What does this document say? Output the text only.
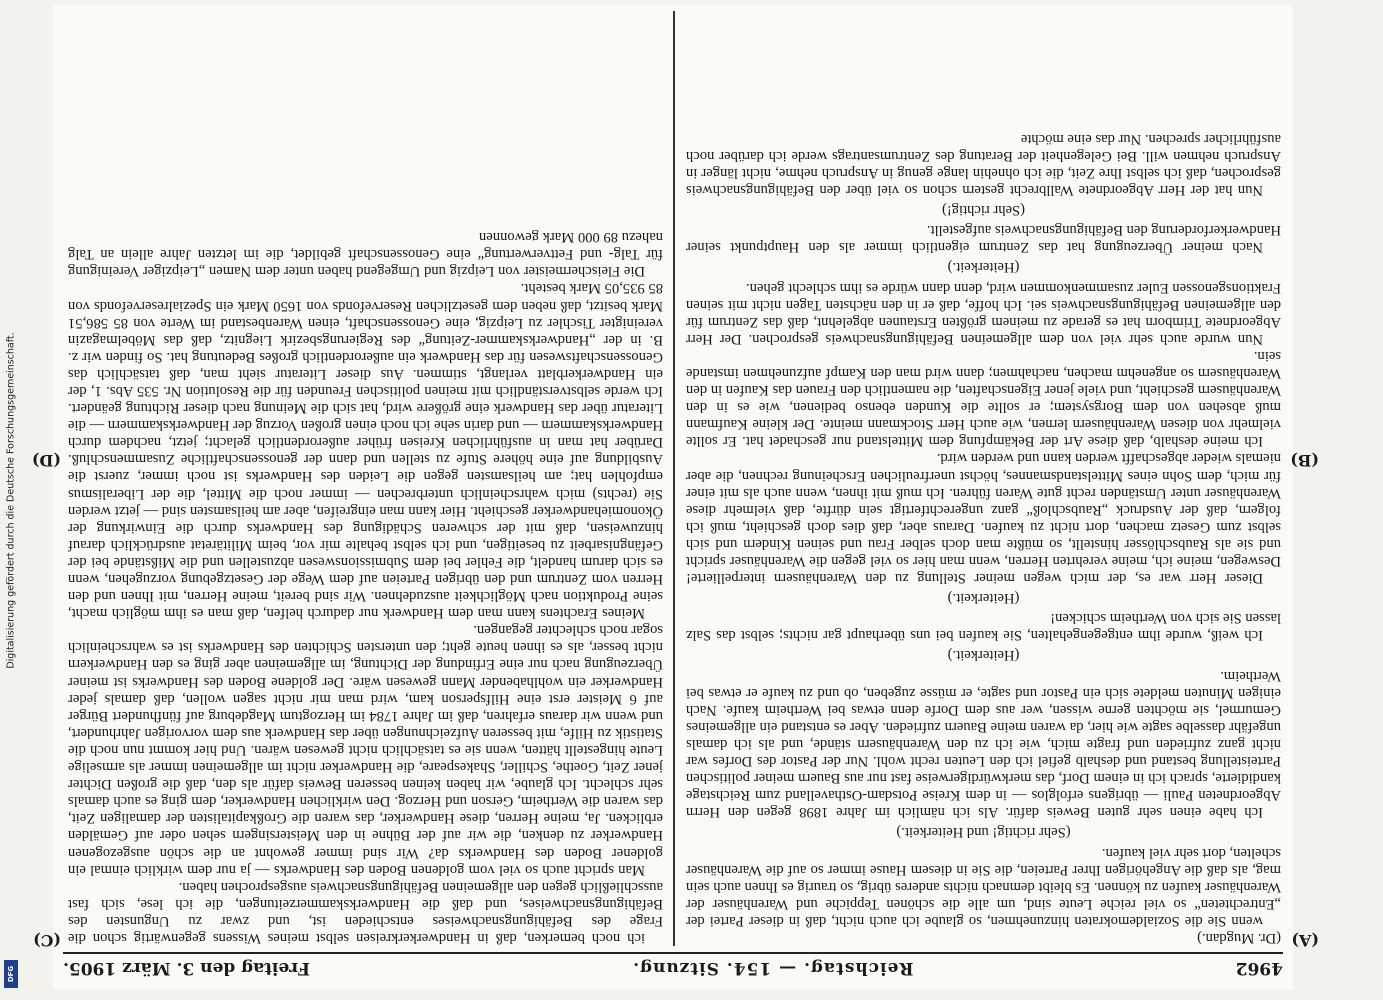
4962
Reichstag. — 154. Sitzung.
Freitag den 3. März 1905.
(A)
(B)
(C)
(D)

(Dr. Mugdan.)

wenn Sie die Sozialdemokraten hinzunehmen, so glaube ich auch nicht, daß in dieser Partei der „Entrechteten“ so viel reiche Leute sind, um alle die schönen Teppiche und Warenhäuser der Warenhäuser kaufen zu können. Es bleibt demnach nichts anderes übrig, so traurig es Ihnen auch sein mag, als daß die Angehörigen Ihrer Parteien, die Sie in diesem Hause immer so auf die Warenhäuser schelten, dort sehr viel kaufen.

(Sehr richtig! und Heiterkeit.)

Ich habe einen sehr guten Beweis dafür. Als ich nämlich im Jahre 1898 gegen den Herrn Abgeordneten Pauli — übrigens erfolglos — in dem Kreise Potsdam-Osthavelland zum Reichstage kandidierte, sprach ich in einem Dorf, das merkwürdigerweise fast nur aus Bauern meiner politischen Parteistellung bestand und deshalb gefiel ich den Leuten recht wohl. Nur der Pastor des Dorfes war nicht ganz zufrieden und fragte mich, wie ich zu den Warenhäusern stände, und als ich damals ungefähr dasselbe sagte wie hier, da waren meine Bauern zufrieden. Aber es entstand ein allgemeines Gemurmel, sie möchten gerne wissen, wer aus dem Dorfe denn etwas bei Wertheim kaufe. Nach einigen Minuten meldete sich ein Pastor und sagte, er müsse zugeben, ob und zu kaufe er etwas bei Wertheim.

(Heiterkeit.)

Ich weiß, wurde ihm entgegengehalten, Sie kaufen bei uns überhaupt gar nichts; selbst das Salz lassen Sie sich von Wertheim schicken!

(Heiterkeit.)

Dieser Herr war es, der mich wegen meiner Stellung zu den Warenhäusern interpellierte! Deswegen, meine ich, meine verehrten Herren, wenn man hier so viel gegen die Warenhäuser spricht und sie als Raubschlösser hinstellt, so müßte man doch selber Frau und seinen Kindern und sich selbst zum Gesetz machen, dort nicht zu kaufen. Daraus aber, daß dies doch geschieht, muß ich folgern, daß der Ausdruck „Raubschloß“ ganz ungerechtfertigt sein dürfte, daß vielmehr diese Warenhäuser unter Umständen recht gute Waren führen. Ich muß mit ihnen, wenn auch als mit einer für mich, dem Sohn eines Mittelstandsmannes, höchst unerfreulichen Erscheinung rechnen, die aber niemals wieder abgeschafft werden kann und werden wird.

Ich meine deshalb, daß diese Art der Bekämpfung dem Mittelstand nur geschadet hat. Er sollte vielmehr von diesen Warenhäusern lernen, wie auch Herr Stockmann meinte. Der kleine Kaufmann muß absehen von dem Borgsystem; er sollte die Kunden ebenso bedienen, wie es in den Warenhäusern geschieht, und viele jener Eigenschaften, die namentlich den Frauen das Kaufen in den Warenhäusern so angenehm machen, nachahmen; dann wird man den Kampf aufzunehmen imstande sein.

Nun wurde auch sehr viel von dem allgemeinen Befähigungsnachweis gesprochen. Der Herr Abgeordnete Trimborn hat es gerade zu meinem größten Erstaunen abgelehnt, daß das Zentrum für den allgemeinen Befähigungsnachweis sei. Ich hoffe, daß er in den nächsten Tagen nicht mit seinen Fraktionsgenossen Euler zusammenkommen wird, denn dann würde es ihm schlecht gehen.

(Heiterkeit.)

Nach meiner Überzeugung hat das Zentrum eigentlich immer als den Hauptpunkt seiner Handwerkerforderung den Befähigungsnachweis aufgestellt.

(Sehr richtig!)

Nun hat der Herr Abgeordnete Wallbrecht gestern schon so viel über den Befähigungsnachweis gesprochen, daß ich selbst Ihre Zeit, die ich ohnehin lange genug in Anspruch nehme, nicht länger in Anspruch nehmen will. Bei Gelegenheit der Beratung des Zentrumsantrags werde ich darüber noch ausführlicher sprechen. Nur das eine möchte

ich noch bemerken, daß in Handwerkerkreisen selbst meines Wissens gegenwärtig schon die Frage des Befähigungsnachweises entschieden ist, und zwar zu Ungunsten des Befähigungsnachweises, und daß die Handwerkskammerzeitungen, die ich lese, sich fast ausschließlich gegen den allgemeinen Befähigungsnachweis ausgesprochen haben.

Man spricht auch so viel vom goldenen Boden des Handwerks — ja nur dem wirklich einmal ein goldener Boden des Handwerks da? Wir sind immer gewohnt an die schön ausgezogenen Handwerker zu denken, die wir auf der Bühne in den Meistersingern sehen oder auf Gemälden erblicken. Ja, meine Herren, diese Handwerker, das waren die Großkapitalisten der damaligen Zeit, das waren die Wertheim, Gerson und Herzog. Den wirklichen Handwerker, dem ging es auch damals sehr schlecht. Ich glaube, wir haben keinen besseren Beweis dafür als den, daß die großen Dichter jener Zeit, Goethe, Schiller, Shakespeare, die Handwerker nicht im allgemeinen immer als armselige Leute hingestellt hätten, wenn sie es tatsächlich nicht gewesen wären. Und hier kommt nun noch die Statistik zu Hilfe, mit besseren Aufzeichnungen über das Handwerk aus dem vorvorigen Jahrhundert, und wenn wir daraus erfahren, daß im Jahre 1784 im Herzogtum Magdeburg auf fünfhundert Bürger auf 6 Meister erst eine Hilfsperson kam, wird man mir nicht sagen wollen, daß damals jeder Handwerker ein wohlhabender Mann gewesen wäre. Der goldene Boden des Handwerks ist meiner Überzeugung nach nur eine Erfindung der Dichtung, im allgemeinen aber ging es den Handwerkern nicht besser, als es ihnen heute geht; den untersten Schichten des Handwerks ist es wahrscheinlich sogar noch schlechter gegangen.

Meines Erachtens kann man dem Handwerk nur dadurch helfen, daß man es ihm möglich macht, seine Produktion nach Möglichkeit auszudehnen. Wir sind bereit, meine Herren, mit Ihnen und den Herren vom Zentrum und den übrigen Parteien auf dem Wege der Gesetzgebung vorzugehen, wenn es sich darum handelt, die Fehler bei dem Submissionswesen abzustellen und die Mißstände bei der Gefängnisarbeit zu beseitigen, und ich selbst behalte mir vor, beim Militäretat ausdrücklich darauf hinzuweisen, daß mit der schweren Schädigung des Handwerks durch die Einwirkung der Ökonomiehandwerker geschieht. Hier kann man eingreifen, aber am heilsamsten sind — jetzt werden Sie (rechts) mich wahrscheinlich unterbrechen — immer noch die Mittel, die der Liberalismus empfohlen hat; am heilsamsten gegen die Leiden des Handwerks ist noch immer, zuerst die Ausbildung auf eine höhere Stufe zu stellen und dann der genossenschaftliche Zusammenschluß. Darüber hat man in ausführlichen Kreisen früher außerordentlich gelacht; jetzt, nachdem durch Handwerkskammern — und darin sehe ich noch einen großen Vorzug der Handwerkskammern — die Literatur über das Handwerk eine größere wird, hat sich die Meinung nach dieser Richtung geändert. Ich werde selbstverständlich mit meinen politischen Freunden für die Resolution Nr. 535 Abs. 1, der ein Handwerkerblatt verlangt, stimmen. Aus dieser Literatur sieht man, daß tatsächlich das Genossenschaftswesen für das Handwerk ein außerordentlich großes Bedeutung hat. So finden wir z. B. in der „Handwerkskammer-Zeitung“ des Regierungsbezirk Liegnitz, daß das Möbelmagazin vereinigter Tischler zu Leipzig, eine Genossenschaft, einen Warenbestand im Werte von 85 586,51 Mark besitzt, daß neben dem gesetzlichen Reservefonds von 1650 Mark ein Spezialreservefonds von 85 935,05 Mark besteht.

Die Fleischermeister von Leipzig und Umgegend haben unter dem Namen „Leipziger Vereinigung für Talg- und Fettverwertung“ eine Genossenschaft gebildet, die im letzten Jahre allein an Talg nahezu 89 000 Mark gewonnen

Digitalisierung gefördert durch die Deutsche Forschungsgemeinschaft.
DFG
